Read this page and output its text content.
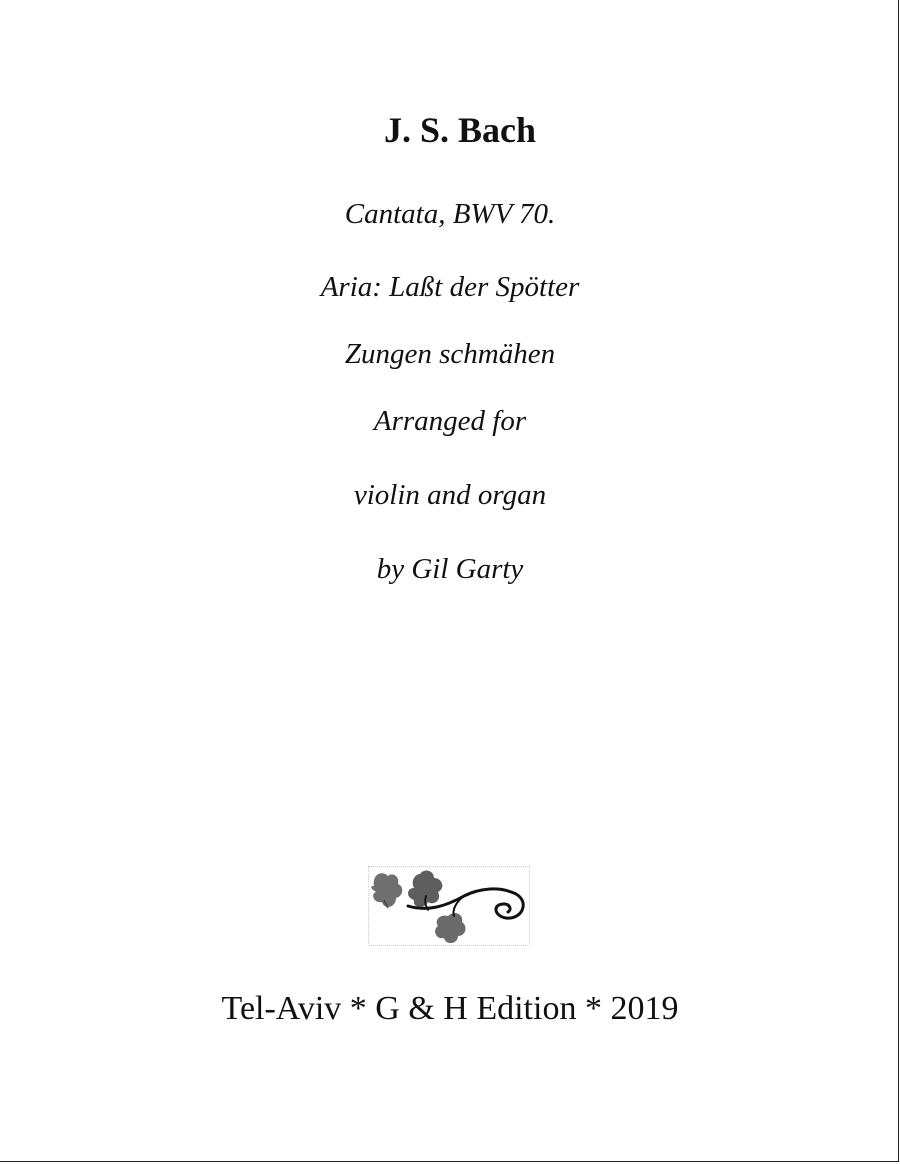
J. S. Bach
Cantata, BWV 70.
Aria: Laßt der Spötter
Zungen schmähen
Arranged for
violin and organ
by Gil Garty
Tel-Aviv * G & H Edition * 2019
